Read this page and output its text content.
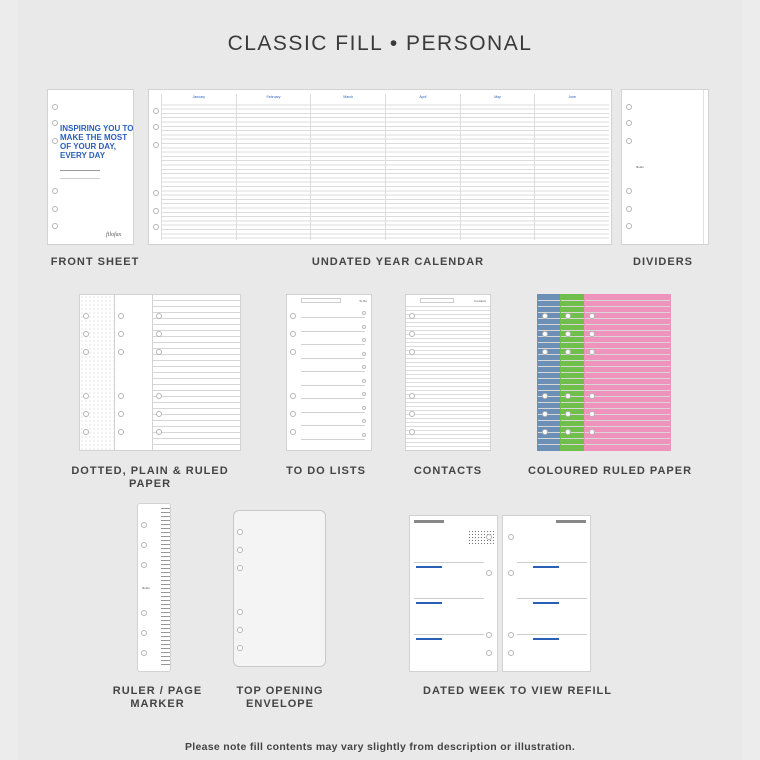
CLASSIC FILL • PERSONAL
INSPIRING YOU TO MAKE THE MOST OF YOUR DAY, EVERY DAY
filofax
FRONT SHEET
January	February	March	April	May	June
UNDATED YEAR CALENDAR
filofax
DIVIDERS
DOTTED, PLAIN & RULED PAPER
To Do
TO DO LISTS
Contacts
CONTACTS	COLOURED RULED PAPER
filofax
RULER / PAGE
MARKER
TOP OPENING
ENVELOPE
DATED WEEK TO VIEW REFILL
Please note fill contents may vary slightly from description or illustration.
